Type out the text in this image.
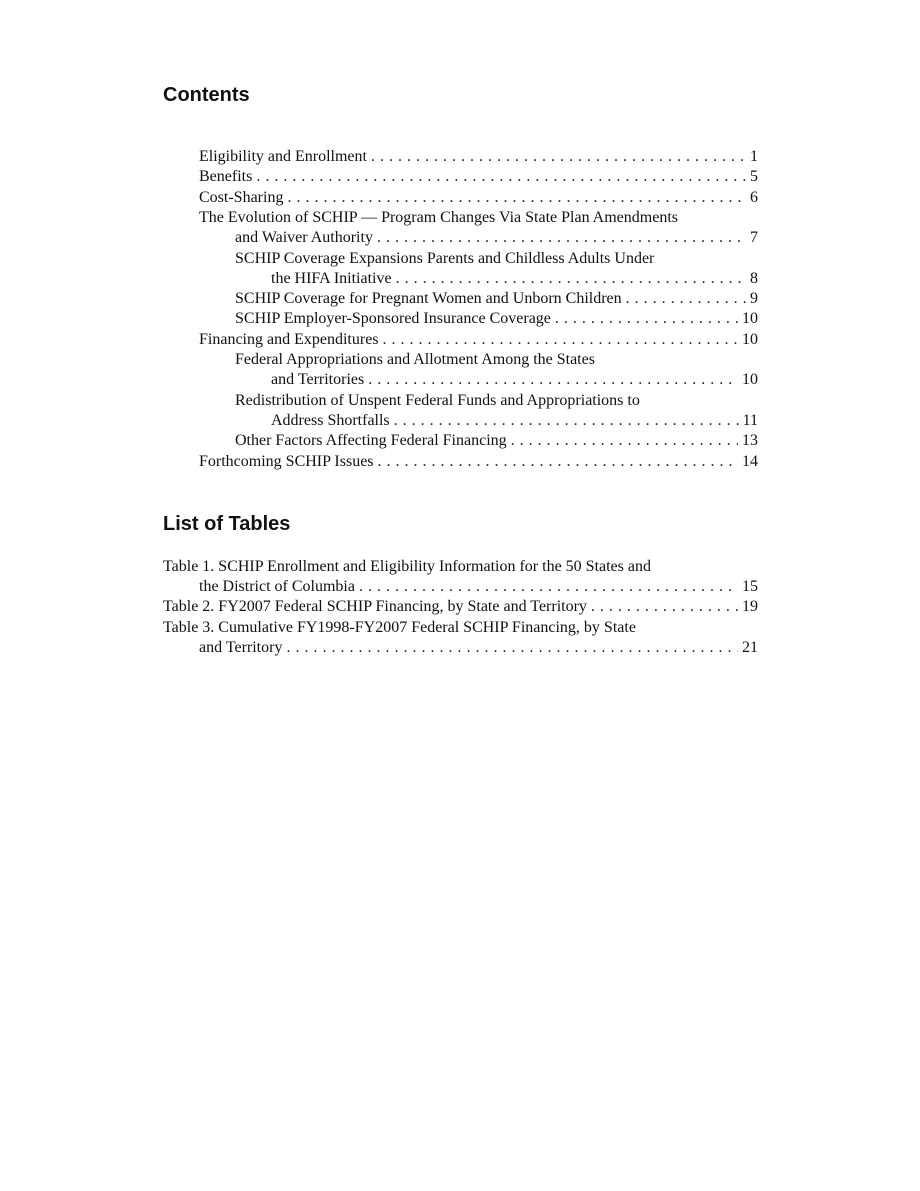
Contents
Eligibility and Enrollment . . .	1
Benefits . . .	5
Cost-Sharing . . .	6
The Evolution of SCHIP — Program Changes Via State Plan Amendments
and Waiver Authority . . .	7
SCHIP Coverage Expansions Parents and Childless Adults Under
the HIFA Initiative . . .	8
SCHIP Coverage for Pregnant Women and Unborn Children . . .	9
SCHIP Employer-Sponsored Insurance Coverage . . .	10
Financing and Expenditures . . .	10
Federal Appropriations and Allotment Among the States
and Territories . . .	10
Redistribution of Unspent Federal Funds and Appropriations to
Address Shortfalls . . .	11
Other Factors Affecting Federal Financing . . .	13
Forthcoming SCHIP Issues . . .	14
List of Tables
Table 1. SCHIP Enrollment and Eligibility Information for the 50 States and
the District of Columbia . . .	15
Table 2. FY2007 Federal SCHIP Financing, by State and Territory . . .	19
Table 3. Cumulative FY1998-FY2007 Federal SCHIP Financing, by State
and Territory . . .	21
